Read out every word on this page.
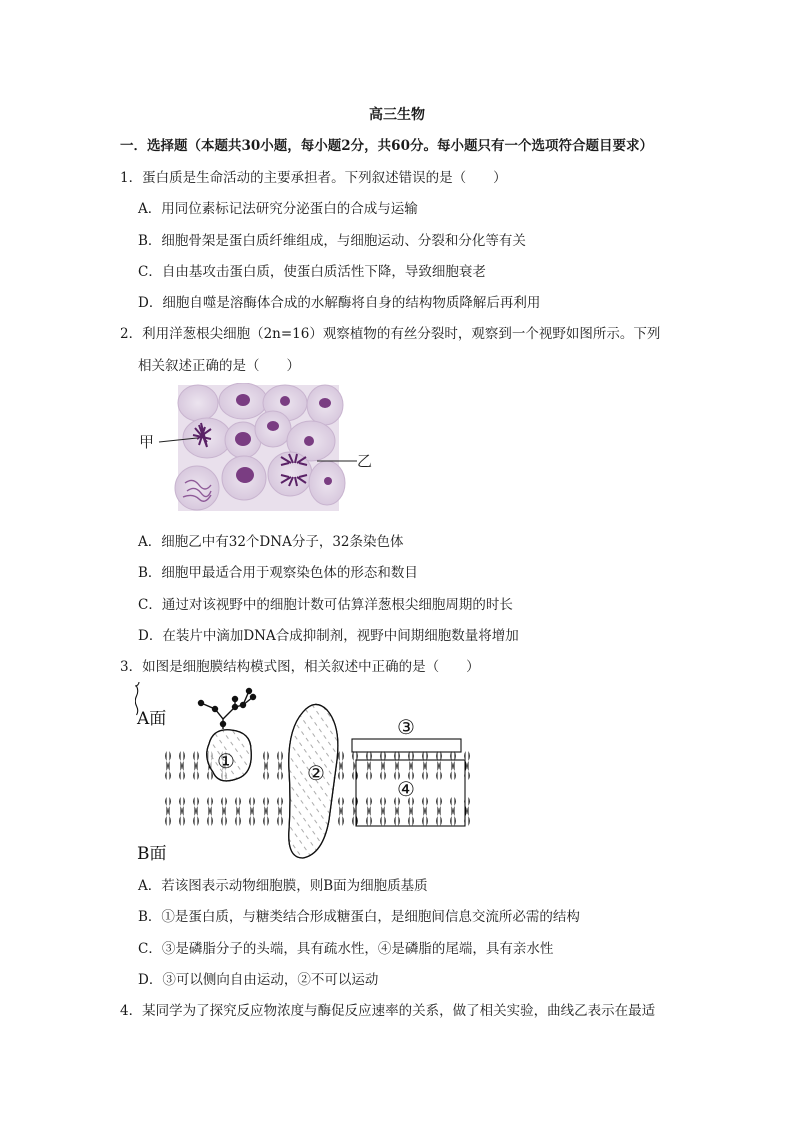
高三生物
一．选择题（本题共30小题，每小题2分，共60分。每小题只有一个选项符合题目要求）
1．蛋白质是生命活动的主要承担者。下列叙述错误的是（　　）
A．用同位素标记法研究分泌蛋白的合成与运输
B．细胞骨架是蛋白质纤维组成，与细胞运动、分裂和分化等有关
C．自由基攻击蛋白质，使蛋白质活性下降，导致细胞衰老
D．细胞自噬是溶酶体合成的水解酶将自身的结构物质降解后再利用
2．利用洋葱根尖细胞（2n=16）观察植物的有丝分裂时，观察到一个视野如图所示。下列
相关叙述正确的是（　　）
甲
乙
A．细胞乙中有32个DNA分子，32条染色体
B．细胞甲最适合用于观察染色体的形态和数目
C．通过对该视野中的细胞计数可估算洋葱根尖细胞周期的时长
D．在装片中滴加DNA合成抑制剂，视野中间期细胞数量将增加
3．如图是细胞膜结构模式图，相关叙述中正确的是（　　）
A面
B面
①	②
③
④
A．若该图表示动物细胞膜，则B面为细胞质基质
B．①是蛋白质，与糖类结合形成糖蛋白，是细胞间信息交流所必需的结构
C．③是磷脂分子的头端，具有疏水性，④是磷脂的尾端，具有亲水性
D．③可以侧向自由运动，②不可以运动
4．某同学为了探究反应物浓度与酶促反应速率的关系，做了相关实验，曲线乙表示在最适
